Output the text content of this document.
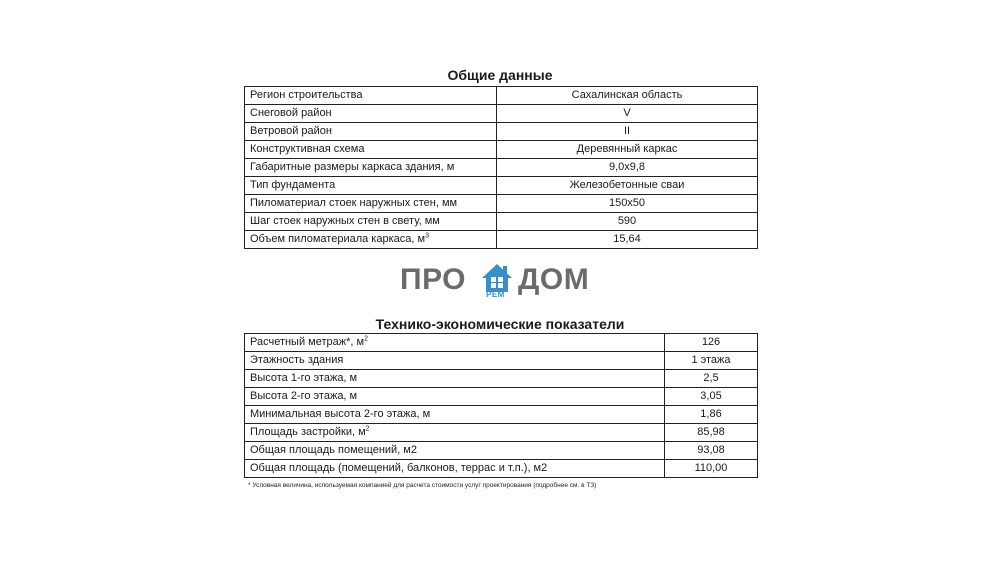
Общие данные
Регион строительства	Сахалинская область
Снеговой район	V
Ветровой район	II
Конструктивная схема	Деревянный каркас
Габаритные размеры каркаса здания, м	9,0х9,8
Тип фундамента	Железобетонные сваи
Пиломатериал стоек наружных стен, мм	150х50
Шаг стоек наружных стен в свету, мм	590
Объем пиломатериала каркаса, $м^3$	15,64
ПРО РЕМ ДОМ
Технико-экономические показатели
Расчетный метраж*, $м^2$	126
Этажность здания	1 этажа
Высота 1-го этажа, м	2,5
Высота 2-го этажа, м	3,05
Минимальная высота 2-го этажа, м	1,86
Площадь застройки, $м^2$	85,98
Общая площадь помещений, м2	93,08
Общая площадь (помещений, балконов, террас и т.п.), м2	110,00
* Условная величина, используемая компанией для расчета стоимости услуг проектирования (подробнее см. в ТЗ)
